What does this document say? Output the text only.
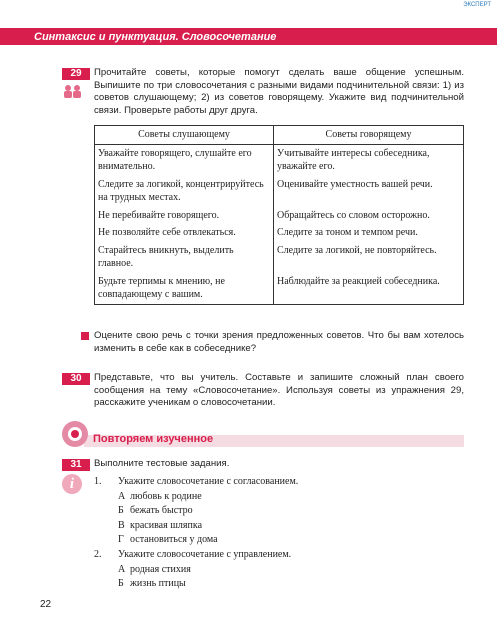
ЭКСПЕРТ
Синтаксис и пунктуация. Словосочетание
29	Прочитайте советы, которые помогут сделать ваше общение успешным. Выпишите по три словосочетания с разными видами подчинительной связи: 1) из советов слушающему; 2) из советов говорящему. Укажите вид подчинительной связи. Проверьте работы друг друга.
Советы слушающему	Советы говорящему
Уважайте говорящего, слушайте его внимательно.	Учитывайте интересы собеседника, уважайте его.
Следите за логикой, концентрируйтесь на трудных местах.	Оценивайте уместность вашей речи.
Не перебивайте говорящего.	Обращайтесь со словом осторожно.
Не позволяйте себе отвлекаться.	Следите за тоном и темпом речи.
Старайтесь вникнуть, выделить главное.	Следите за логикой, не повторяйтесь.
Будьте терпимы к мнению, не совпадающему с вашим.	Наблюдайте за реакцией собеседника.
Оцените свою речь с точки зрения предложенных советов. Что бы вам хотелось изменить в себе как в собеседнике?
30	Представьте, что вы учитель. Составьте и запишите сложный план своего сообщения на тему «Словосочетание». Используя советы из упражнения 29, расскажите ученикам о словосочетании.
Повторяем изученное
31	Выполните тестовые задания.
i	1. Укажите словосочетание с согласованием.
А любовь к родине
Б бежать быстро
В красивая шляпка
Г остановиться у дома
2. Укажите словосочетание с управлением.
А родная стихия
Б жизнь птицы
22
